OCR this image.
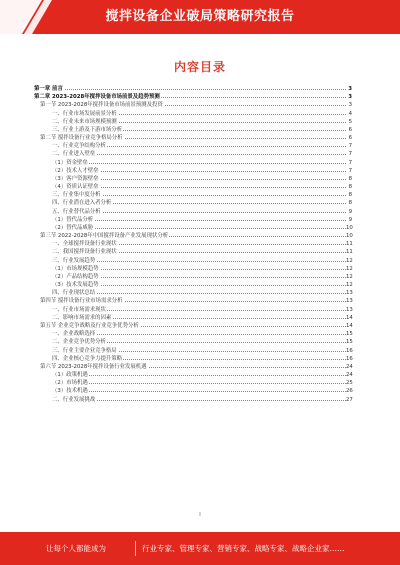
搅拌设备企业破局策略研究报告
内容目录
第一章 前言	3
第二章 2023-2028年搅拌设备市场前景及趋势预测	3
第一节 2023-2028年搅拌设备市场前景预测及投资	3
一、行业市场发展前景分析	4
二、行业未来市场规模预测	5
三、行业上游及下游市场分析	6
第二节 搅拌设备行业竞争格局分析	6
一、行业竞争结构分析	7
二、行业进入壁垒	7
（1）资金壁垒	7
（2）技术人才壁垒	7
（3）客户资源壁垒	8
（4）资质认证壁垒	8
三、行业集中度分析	8
四、行业潜在进入者分析	8
五、行业替代品分析	9
（1）替代品分析	9
（2）替代品威胁	10
第三节 2022-2028年中国搅拌设备产业发展现状分析	10
一、全球搅拌设备行业现状	11
二、我国搅拌设备行业现状	11
三、行业发展趋势	12
（1）市场规模趋势	12
（2）产品结构趋势	12
（3）技术发展趋势	12
四、行业现状总结	13
第四节 搅拌设备行业市场需求分析	13
一、行业市场需求现状	13
二、影响市场需求的因素	14
第五节 企业竞争战略及行业竞争优势分析	14
一、企业战略选择	15
二、企业竞争优势分析	15
三、行业主要企业竞争格局	16
四、企业核心竞争力提升策略	16
第六节 2023-2028年搅拌设备行业发展机遇	24
（1）政策机遇	24
（2）市场机遇	25
（3）技术机遇	26
二、行业发展挑战	27
I
让每个人都能成为	行业专家、管理专家、营销专家、战略专家、战略企业家……
